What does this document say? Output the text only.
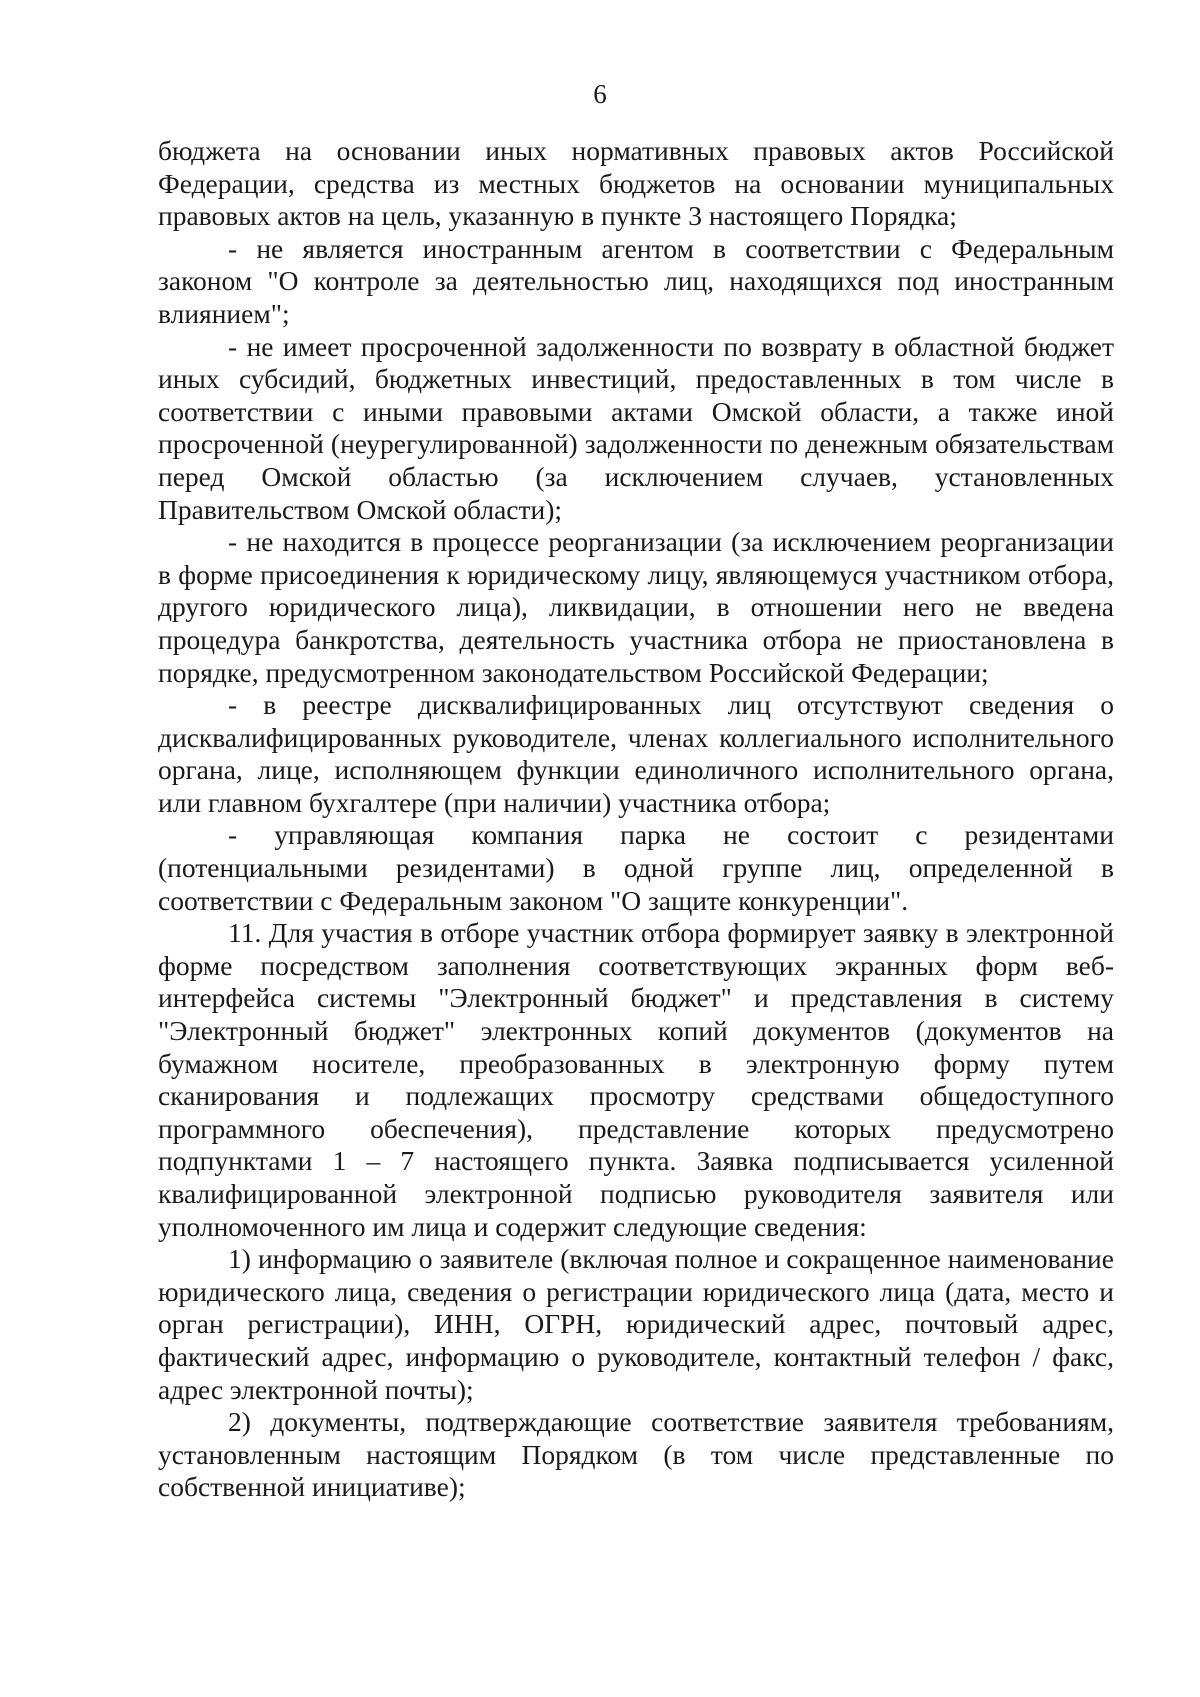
6

бюджета на основании иных нормативных правовых актов Российской Федерации, средства из местных бюджетов на основании муниципальных правовых актов на цель, указанную в пункте 3 настоящего Порядка;

- не является иностранным агентом в соответствии с Федеральным законом "О контроле за деятельностью лиц, находящихся под иностранным влиянием";

- не имеет просроченной задолженности по возврату в областной бюджет иных субсидий, бюджетных инвестиций, предоставленных в том числе в соответствии с иными правовыми актами Омской области, а также иной просроченной (неурегулированной) задолженности по денежным обязательствам перед Омской областью (за исключением случаев, установленных Правительством Омской области);

- не находится в процессе реорганизации (за исключением реорганизации в форме присоединения к юридическому лицу, являющемуся участником отбора, другого юридического лица), ликвидации, в отношении него не введена процедура банкротства, деятельность участника отбора не приостановлена в порядке, предусмотренном законодательством Российской Федерации;

- в реестре дисквалифицированных лиц отсутствуют сведения о дисквалифицированных руководителе, членах коллегиального исполнительного органа, лице, исполняющем функции единоличного исполнительного органа, или главном бухгалтере (при наличии) участника отбора;

- управляющая компания парка не состоит с резидентами (потенциальными резидентами) в одной группе лиц, определенной в соответствии с Федеральным законом "О защите конкуренции".

11. Для участия в отборе участник отбора формирует заявку в электронной форме посредством заполнения соответствующих экранных форм веб-интерфейса системы "Электронный бюджет" и представления в систему "Электронный бюджет" электронных копий документов (документов на бумажном носителе, преобразованных в электронную форму путем сканирования и подлежащих просмотру средствами общедоступного программного обеспечения), представление которых предусмотрено подпунктами 1 – 7 настоящего пункта. Заявка подписывается усиленной квалифицированной электронной подписью руководителя заявителя или уполномоченного им лица и содержит следующие сведения:

1) информацию о заявителе (включая полное и сокращенное наименование юридического лица, сведения о регистрации юридического лица (дата, место и орган регистрации), ИНН, ОГРН, юридический адрес, почтовый адрес, фактический адрес, информацию о руководителе, контактный телефон / факс, адрес электронной почты);

2) документы, подтверждающие соответствие заявителя требованиям, установленным настоящим Порядком (в том числе представленные по собственной инициативе);
